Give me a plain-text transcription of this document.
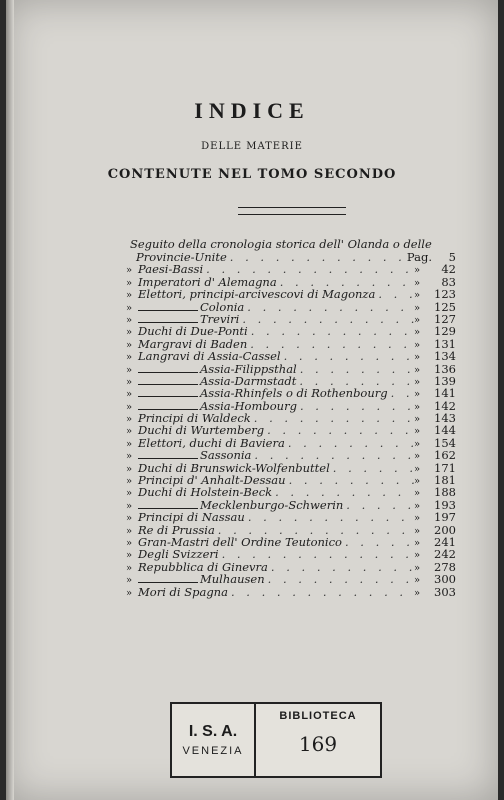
INDICE
DELLE MATERIE
CONTENUTE NEL TOMO SECONDO
Seguito della cronologia storica dell' Olanda o delle
Provincie-Unite . . .	Pag.	5
» Paesi-Bassi . . .	»	42
» Imperatori d' Alemagna . . .	»	83
» Elettori, principi-arcivescovi di Magonza . . .	»	123
»	Colonia . . .	»	125
»	Treviri . . .	»	127
» Duchi di Due-Ponti . . .	»	129
» Margravi di Baden . . .	»	131
» Langravi di Assia-Cassel . . .	»	134
»	Assia-Filippsthal . . .	»	136
»	Assia-Darmstadt . . .	»	139
»	Assia-Rhinfels o di Rothenbourg . . .	»	141
»	Assia-Hombourg . . .	»	142
» Principi di Waldeck . . .	»	143
» Duchi di Wurtemberg . . .	»	144
» Elettori, duchi di Baviera . . .	»	154
»	Sassonia . . .	»	162
» Duchi di Brunswick-Wolfenbuttel . . .	»	171
» Principi d' Anhalt-Dessau . . .	»	181
» Duchi di Holstein-Beck . . .	»	188
»	Mecklenburgo-Schwerin . . .	»	193
» Principi di Nassau . . .	»	197
» Re di Prussia . . .	»	200
» Gran-Mastri dell' Ordine Teutonico . . .	»	241
» Degli Svizzeri . . .	»	242
» Repubblica di Ginevra . . .	»	278
»	Mulhausen . . .	»	300
» Mori di Spagna . . .	»	303
I. S. A.
VENEZIA
BIBLIOTECA
169
